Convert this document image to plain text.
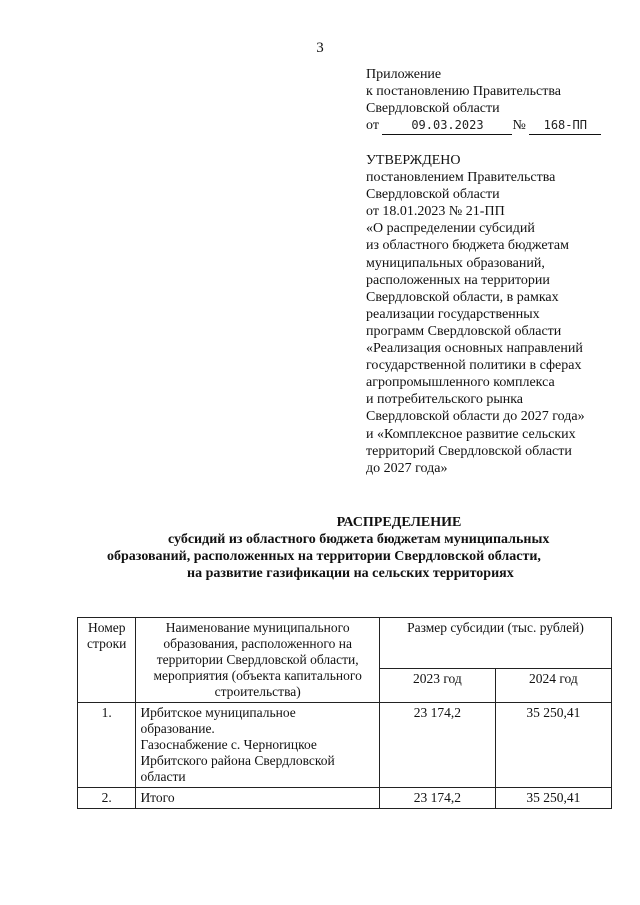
3
Приложение
к постановлению Правительства
Свердловской области
от	09.03.2023 № 168-ПП
УТВЕРЖДЕНО
постановлением Правительства
Свердловской области
от 18.01.2023 № 21-ПП
«О распределении субсидий
из областного бюджета бюджетам
муниципальных образований,
расположенных на территории
Свердловской области, в рамках
реализации государственных
программ Свердловской области
«Реализация основных направлений
государственной политики в сферах
агропромышленного комплекса
и потребительского рынка
Свердловской области до 2027 года»
и «Комплексное развитие сельских
территорий Свердловской области
до 2027 года»
РАСПРЕДЕЛЕНИЕ
субсидий из областного бюджета бюджетам муниципальных
образований, расположенных на территории Свердловской области,
на развитие газификации на сельских территориях
Номер строки	Наименование муниципального образования, расположенного на территории Свердловской области, мероприятия (объекта капитального строительства)	Размер субсидии (тыс. рублей)	
		2023 год	2024 год
1.	Ирбитское муниципальное
образование.
Газоснабжение с. Черноrицкое
Ирбитского района Свердловской
области	23 174,2	35 250,41
2.	Итого	23 174,2	35 250,41
